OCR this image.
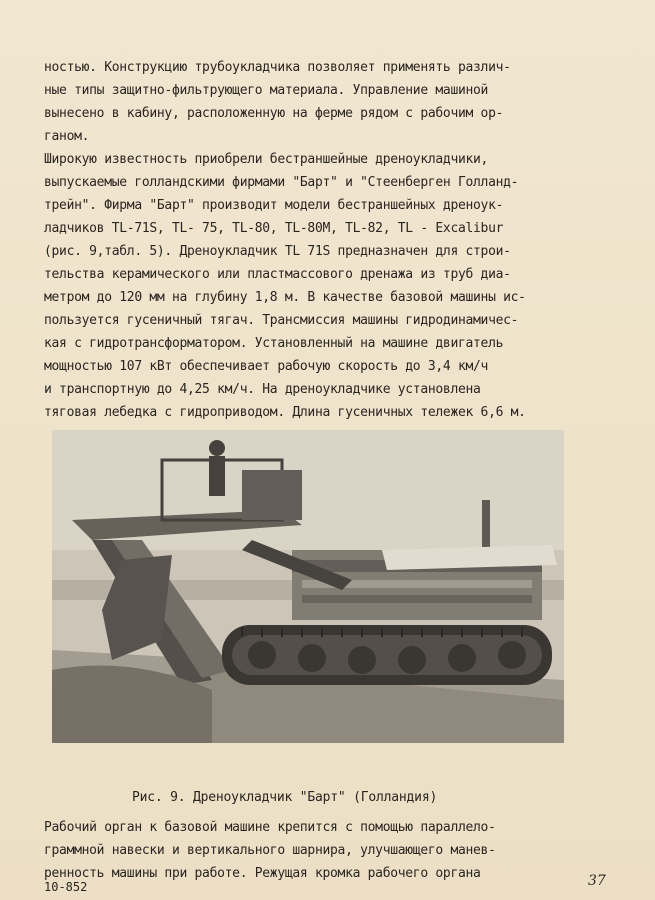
ностью. Конструкцию трубоукладчика позволяет применять различ-
ные типы защитно-фильтрующего материала. Управление машиной
вынесено в кабину, расположенную на ферме рядом с рабочим ор-
ганом.
Широкую известность приобрели бестраншейные дреноукладчики,
выпускаемые голландскими фирмами "Барт" и "Стеенберген Голланд-
трейн". Фирма "Барт" производит модели бестраншейных дреноук-
ладчиков TL-71S, TL- 75, TL-80, TL-80M, TL-82, TL - Excalibur
(рис. 9,табл. 5). Дреноукладчик TL 71S предназначен для строи-
тельства керамического или пластмассового дренажа из труб диа-
метром до 120 мм на глубину 1,8 м. В качестве базовой машины ис-
пользуется гусеничный тягач. Трансмиссия машины гидродинамичес-
кая с гидротрансформатором. Установленный на машине двигатель
мощностью 107 кВт обеспечивает рабочую скорость до 3,4 км/ч
и транспортную до 4,25 км/ч. На дреноукладчике установлена
тяговая лебедка с гидроприводом. Длина гусеничных тележек 6,6 м.
Рис. 9. Дреноукладчик "Барт" (Голландия)
Рабочий орган к базовой машине крепится с помощью параллело-
граммной навески и вертикального шарнира, улучшающего манев-
ренность машины при работе. Режущая кромка рабочего органа
10-852	37
